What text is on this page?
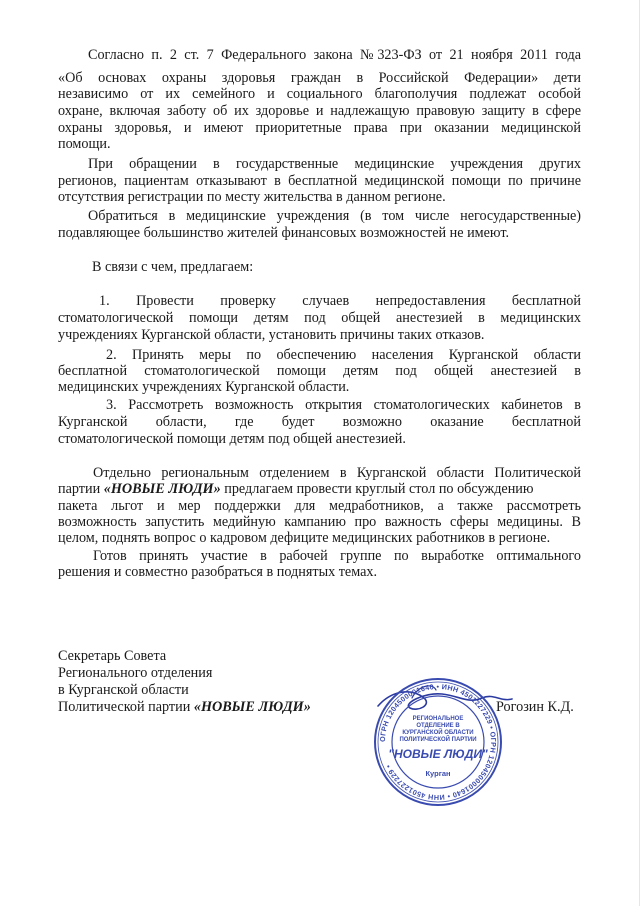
Согласно п. 2 ст. 7 Федерального закона №323-ФЗ от 21 ноября 2011 года
«Об основах охраны здоровья граждан в Российской Федерации» дети
независимо от их семейного и социального благополучия подлежат особой
охране, включая заботу об их здоровье и надлежащую правовую защиту в сфере
охраны здоровья, и имеют приоритетные права при оказании медицинской
помощи.
При обращении в государственные медицинские учреждения других
регионов, пациентам отказывают в бесплатной медицинской помощи по причине
отсутствия регистрации по месту жительства в данном регионе.
Обратиться в медицинские учреждения (в том числе негосударственные)
подавляющее большинство жителей финансовых возможностей не имеют.
В связи с чем, предлагаем:
1. Провести проверку случаев непредоставления бесплатной
стоматологической помощи детям под общей анестезией в медицинских
учреждениях Курганской области, установить причины таких отказов.
2. Принять меры по обеспечению населения Курганской области
бесплатной стоматологической помощи детям под общей анестезией в
медицинских учреждениях Курганской области.
3. Рассмотреть возможность открытия стоматологических кабинетов в
Курганской области, где будет возможно оказание бесплатной
стоматологической помощи детям под общей анестезией.
Отдельно региональным отделением в Курганской области Политической
партии «НОВЫЕ ЛЮДИ» предлагаем провести круглый стол по обсуждению
пакета льгот и мер поддержки для медработников, а также рассмотреть
возможность запустить медийную кампанию про важность сферы медицины. В
целом, поднять вопрос о кадровом дефиците медицинских работников в регионе.
Готов принять участие в рабочей группе по выработке оптимального
решения и совместно разобраться в поднятых темах.
Секретарь Совета
Регионального отделения
в Курганской области
Политической партии «НОВЫЕ ЛЮДИ»	Рогозин К.Д.
ОГРН 1204500001640 • ИНН 4501227229 • ОГРН 1204500001640 • ИНН 4501227229 •
РЕГИОНАЛЬНОЕ
ОТДЕЛЕНИЕ В
КУРГАНСКОЙ ОБЛАСТИ
ПОЛИТИЧЕСКОЙ ПАРТИИ
"НОВЫЕ ЛЮДИ"
Курган
